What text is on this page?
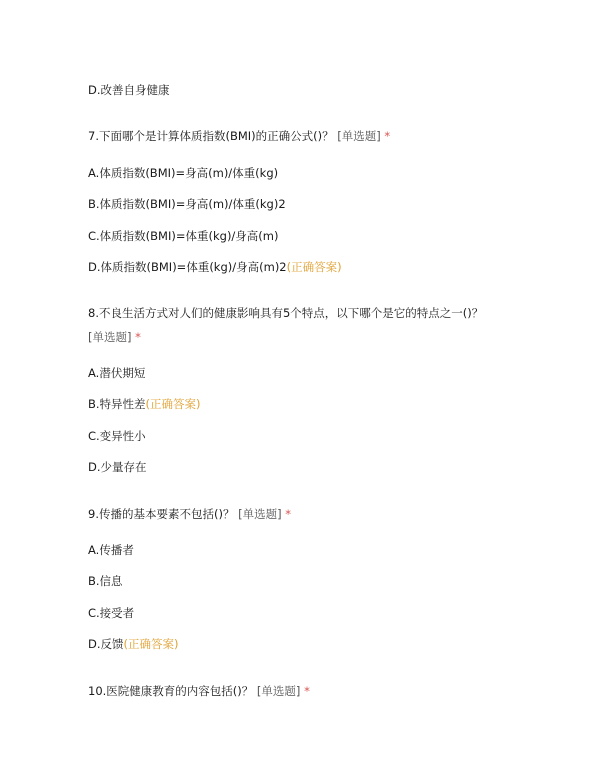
D.改善自身健康
7.下面哪个是计算体质指数(BMI)的正确公式()？ [单选题] *
A.体质指数(BMI)=身高(m)/体重(kg)
B.体质指数(BMI)=身高(m)/体重(kg)2
C.体质指数(BMI)=体重(kg)/身高(m)
D.体质指数(BMI)=体重(kg)/身高(m)2(正确答案)
8.不良生活方式对人们的健康影响具有5个特点，以下哪个是它的特点之一()？
[单选题] *
A.潜伏期短
B.特异性差(正确答案)
C.变异性小
D.少量存在
9.传播的基本要素不包括()？ [单选题] *
A.传播者
B.信息
C.接受者
D.反馈(正确答案)
10.医院健康教育的内容包括()？ [单选题] *
